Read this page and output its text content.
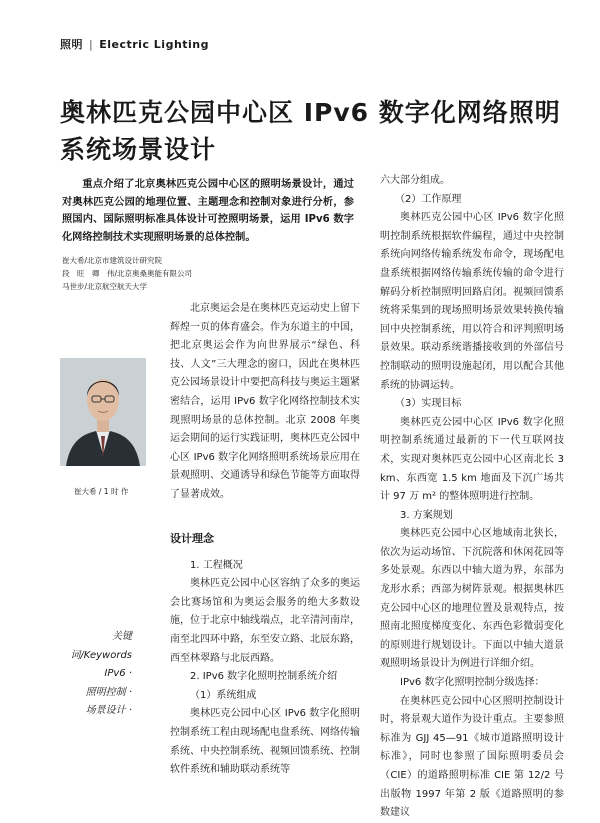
照明 | Electric Lighting
奥林匹克公园中心区 IPv6 数字化网络照明
系统场景设计
重点介绍了北京奥林匹克公园中心区的照明场景设计，通过对奥林匹克公园的地理位置、主题理念和控制对象进行分析，参照国内、国际照明标准具体设计可控照明场景，运用 IPv6 数字化网络控制技术实现照明场景的总体控制。
崔大希/北京市建筑设计研究院
段　旺　卿　伟/北京奥桑奥能有限公司
马世步/北京航空航天大学
崔大希 / 1 时 作

北京奥运会是在奥林匹克运动史上留下辉煌一页的体育盛会。作为东道主的中国，把北京奥运会作为向世界展示“绿色、科技、人文”三大理念的窗口，因此在奥林匹克公园场景设计中要把高科技与奥运主题紧密结合，运用 IPv6 数字化网络控制技术实现照明场景的总体控制。北京 2008 年奥运会期间的运行实践证明，奥林匹克公园中心区 IPv6 数字化网络照明系统场景应用在景观照明、交通诱导和绿色节能等方面取得了显著成效。

设计理念
1. 工程概况

奥林匹克公园中心区容纳了众多的奥运会比赛场馆和为奥运会服务的绝大多数设施，位于北京中轴线端点，北辛清河南岸，南至北四环中路，东至安立路、北辰东路，西至林翠路与北辰西路。

2. IPv6 数字化照明控制系统介绍
（1）系统组成

奥林匹克公园中心区 IPv6 数字化照明控制系统工程由现场配电盘系统、网络传输系统、中央控制系统、视频回馈系统、控制软件系统和辅助联动系统等

关键词/Keywords
IPv6 ·
照明控制 ·
场景设计 ·
六大部分组成。
（2）工作原理

奥林匹克公园中心区 IPv6 数字化照明控制系统根据软件编程，通过中央控制系统向网络传输系统发布命令，现场配电盘系统根据网络传输系统传输的命令进行解码分析控制照明回路启闭。视频回馈系统将采集到的现场照明场景效果转换传输回中央控制系统，用以符合和评判照明场景效果。联动系统谐播接收到的外部信号控制联动的照明设施起闭，用以配合其他系统的协调运转。

（3）实现目标

奥林匹克公园中心区 IPv6 数字化照明控制系统通过最新的下一代互联网技术，实现对奥林匹克公园中心区南北长 3 km、东西宽 1.5 km 地面及下沉广场共计 97 万 m² 的整体照明进行控制。

3. 方案规划

奥林匹克公园中心区地域南北狭长，依次为运动场馆、下沉院落和休闲花园等多处景观。东西以中轴大道为界，东部为龙形水系；西部为树阵景观。根据奥林匹克公园中心区的地理位置及景观特点，按照南北照度梯度变化、东西色彩微弱变化的原则进行规划设计。下面以中轴大道景观照明场景设计为例进行详细介绍。

IPv6 数字化照明控制分级选择：

在奥林匹克公园中心区照明控制设计时，将景观大道作为设计重点。主要参照标准为 GJJ 45—91《城市道路照明设计标准》，同时也参照了国际照明委员会（CIE）的道路照明标准 CIE 第 12/2 号出版物 1997 年第 2 版《道路照明的参数建议
